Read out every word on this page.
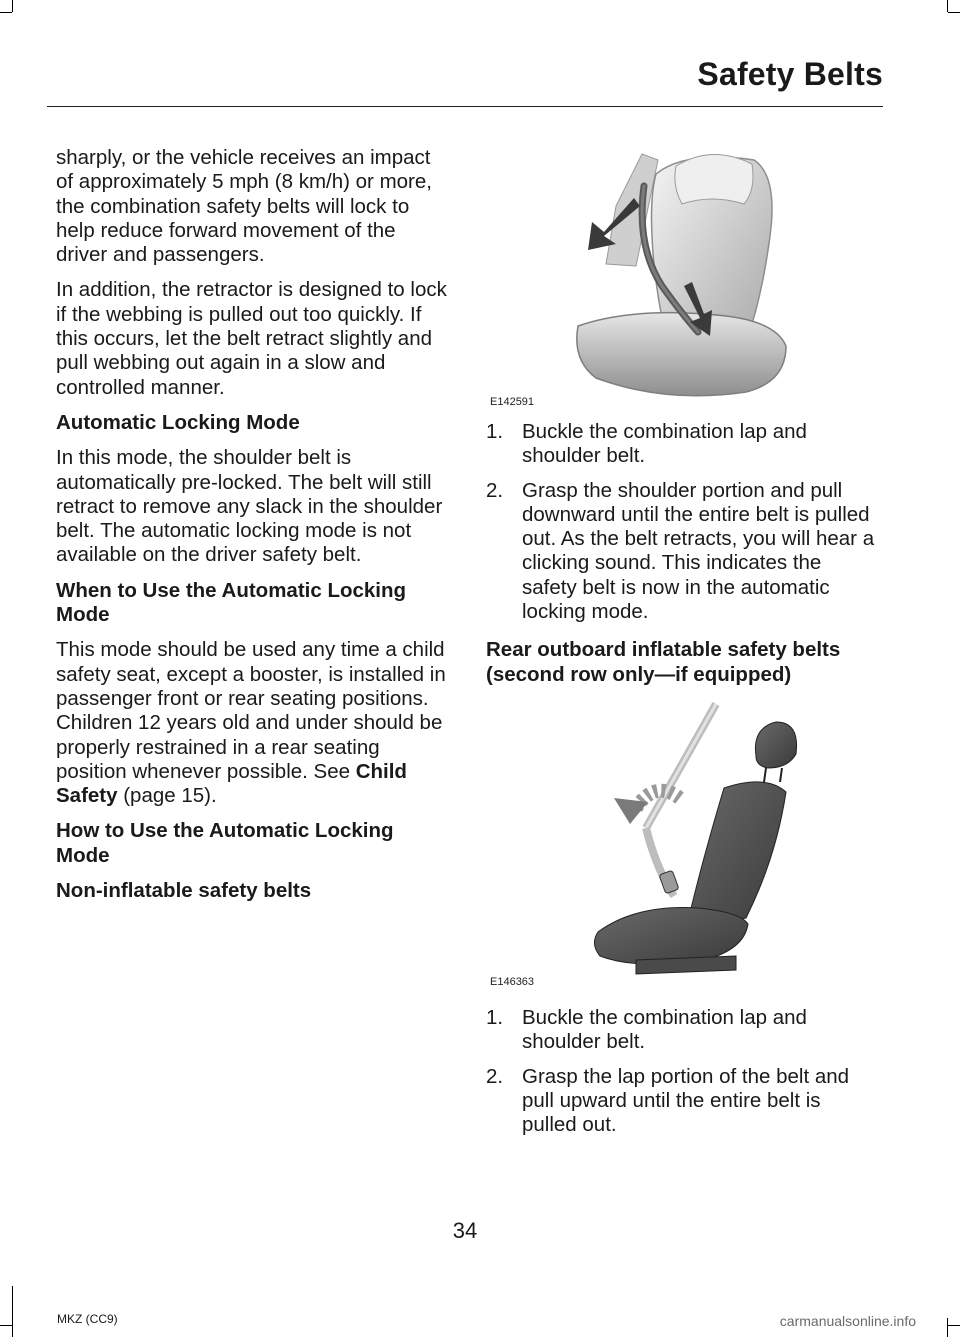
Safety Belts

sharply, or the vehicle receives an impact of approximately 5 mph (8 km/h) or more, the combination safety belts will lock to help reduce forward movement of the driver and passengers.

In addition, the retractor is designed to lock if the webbing is pulled out too quickly. If this occurs, let the belt retract slightly and pull webbing out again in a slow and controlled manner.

Automatic Locking Mode

In this mode, the shoulder belt is automatically pre-locked. The belt will still retract to remove any slack in the shoulder belt. The automatic locking mode is not available on the driver safety belt.

When to Use the Automatic Locking Mode

This mode should be used any time a child safety seat, except a booster, is installed in passenger front or rear seating positions. Children 12 years old and under should be properly restrained in a rear seating position whenever possible. See Child Safety (page 15).

How to Use the Automatic Locking Mode

Non-inflatable safety belts

E142591
1. Buckle the combination lap and shoulder belt.
2. Grasp the shoulder portion and pull downward until the entire belt is pulled out. As the belt retracts, you will hear a clicking sound. This indicates the safety belt is now in the automatic locking mode.

Rear outboard inflatable safety belts (second row only—if equipped)

E146363
1. Buckle the combination lap and shoulder belt.
2. Grasp the lap portion of the belt and pull upward until the entire belt is pulled out.
34
MKZ (CC9)	carmanualsonline.info
